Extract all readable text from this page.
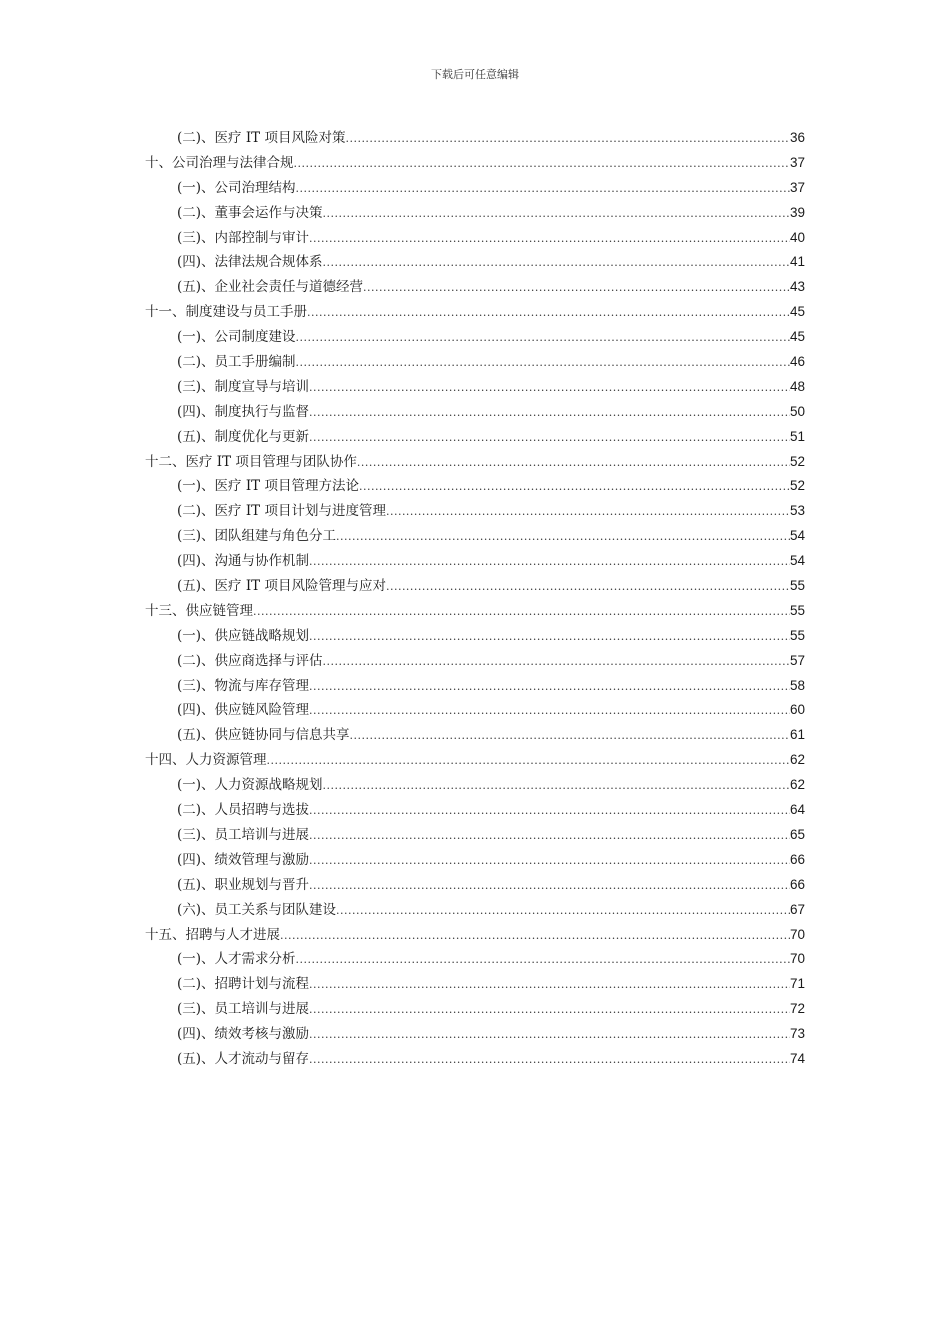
下载后可任意编辑
(二)、医疗 IT 项目风险对策 .....	36
十、公司治理与法律合规 .....	37
(一)、公司治理结构 .....	37
(二)、董事会运作与决策 .....	39
(三)、内部控制与审计 .....	40
(四)、法律法规合规体系 .....	41
(五)、企业社会责任与道德经营 .....	43
十一、制度建设与员工手册 .....	45
(一)、公司制度建设 .....	45
(二)、员工手册编制 .....	46
(三)、制度宣导与培训 .....	48
(四)、制度执行与监督 .....	50
(五)、制度优化与更新 .....	51
十二、医疗 IT 项目管理与团队协作 .....	52
(一)、医疗 IT 项目管理方法论 .....	52
(二)、医疗 IT 项目计划与进度管理 .....	53
(三)、团队组建与角色分工 .....	54
(四)、沟通与协作机制 .....	54
(五)、医疗 IT 项目风险管理与应对 .....	55
十三、供应链管理 .....	55
(一)、供应链战略规划 .....	55
(二)、供应商选择与评估 .....	57
(三)、物流与库存管理 .....	58
(四)、供应链风险管理 .....	60
(五)、供应链协同与信息共享 .....	61
十四、人力资源管理 .....	62
(一)、人力资源战略规划 .....	62
(二)、人员招聘与选拔 .....	64
(三)、员工培训与进展 .....	65
(四)、绩效管理与激励 .....	66
(五)、职业规划与晋升 .....	66
(六)、员工关系与团队建设 .....	67
十五、招聘与人才进展 .....	70
(一)、人才需求分析 .....	70
(二)、招聘计划与流程 .....	71
(三)、员工培训与进展 .....	72
(四)、绩效考核与激励 .....	73
(五)、人才流动与留存 .....	74
